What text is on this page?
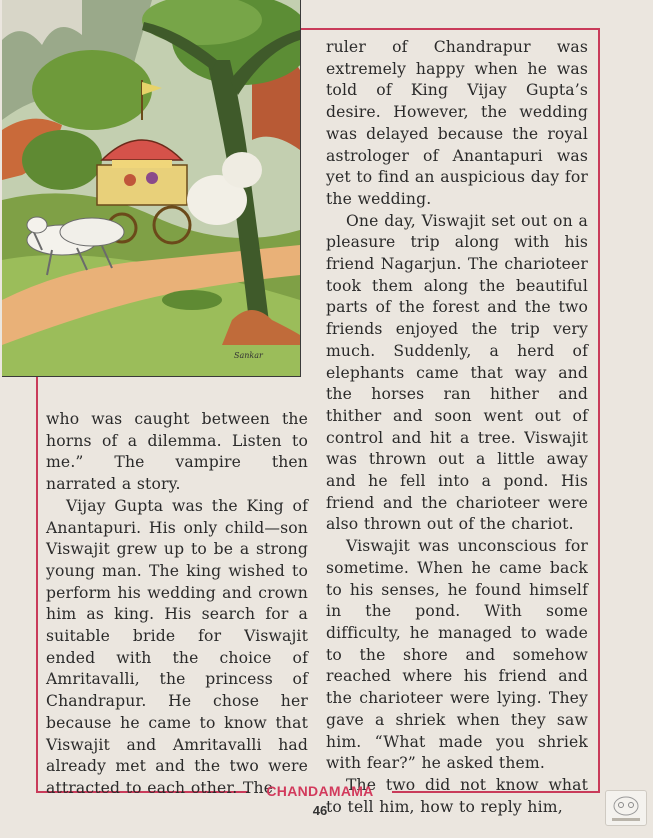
Sankar

who was caught between the horns of a dilemma. Listen to me.” The vampire then narrated a story.

Vijay Gupta was the King of Anantapuri. His only child—son Viswajit grew up to be a strong young man. The king wished to perform his wedding and crown him as king. His search for a suitable bride for Viswajit ended with the choice of Amritavalli, the princess of Chandrapur. He chose her because he came to know that Viswajit and Amritavalli had already met and the two were attracted to each other. The

ruler of Chandrapur was extremely happy when he was told of King Vijay Gupta’s desire. However, the wedding was delayed because the royal astrologer of Anantapuri was yet to find an auspicious day for the wedding.

One day, Viswajit set out on a pleasure trip along with his friend Nagarjun. The charioteer took them along the beautiful parts of the forest and the two friends enjoyed the trip very much. Suddenly, a herd of elephants came that way and the horses ran hither and thither and soon went out of control and hit a tree. Viswajit was thrown out a little away and he fell into a pond. His friend and the charioteer were also thrown out of the chariot.

Viswajit was unconscious for sometime. When he came back to his senses, he found himself in the pond. With some difficulty, he managed to wade to the shore and somehow reached where his friend and the charioteer were lying. They gave a shriek when they saw him. “What made you shriek with fear?” he asked them.

The two did not know what to tell him, how to reply him,

CHANDAMAMA
46
